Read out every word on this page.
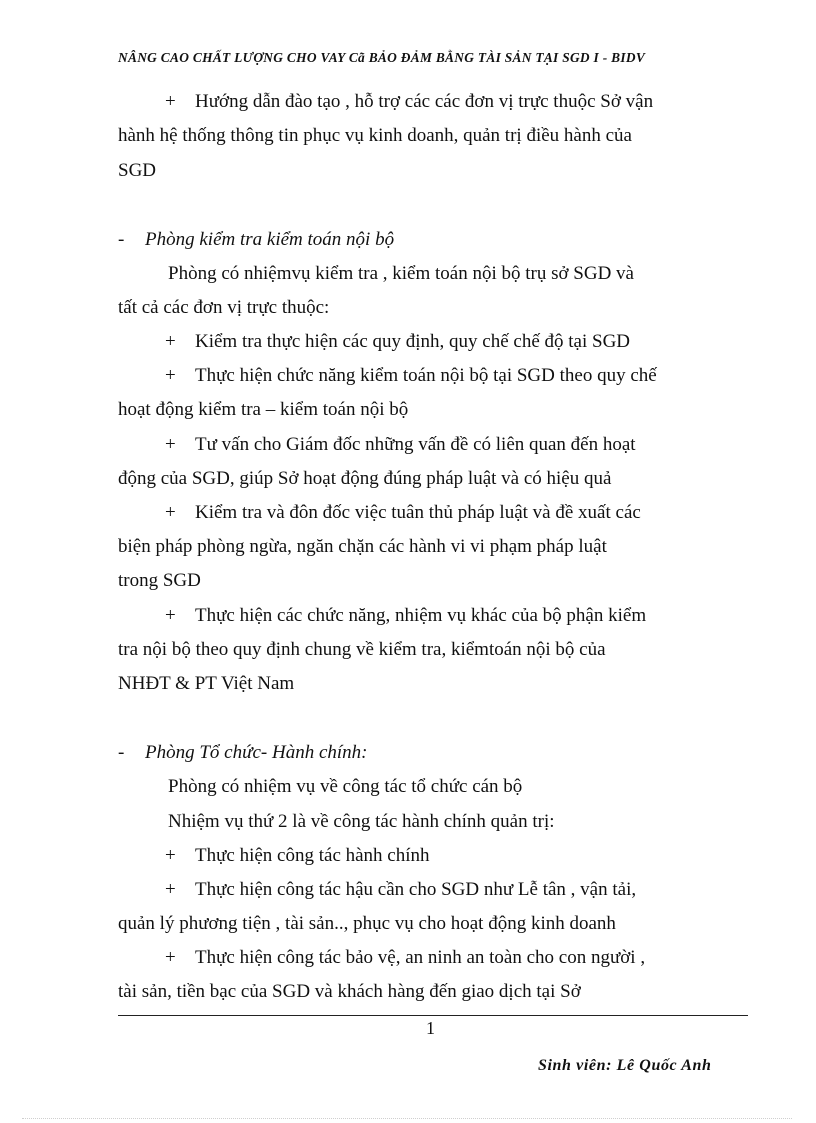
NÂNG CAO CHẤT LƯỢNG CHO VAY Cã BẢO ĐẢM BẰNG TÀI SẢN TẠI SGD I - BIDV
+ Hướng dẫn đào tạo , hỗ trợ các các đơn vị trực thuộc Sở vận
hành hệ thống thông tin phục vụ kinh doanh, quản trị điều hành của
SGD
- Phòng kiểm tra kiểm toán nội bộ
Phòng có nhiệmvụ kiểm tra , kiểm toán nội bộ trụ sở SGD và
tất cả các đơn vị trực thuộc:
+ Kiểm tra thực hiện các quy định, quy chế chế độ tại SGD
+ Thực hiện chức năng kiểm toán nội bộ tại SGD theo quy chế
hoạt động kiểm tra – kiểm toán nội bộ
+ Tư vấn cho Giám đốc những vấn đề có liên quan đến hoạt
động của SGD, giúp Sở hoạt động đúng pháp luật và có hiệu quả
+ Kiểm tra và đôn đốc việc tuân thủ pháp luật và đề xuất các
biện pháp phòng ngừa, ngăn chặn các hành vi vi phạm pháp luật
trong SGD
+ Thực hiện các chức năng, nhiệm vụ khác của bộ phận kiểm
tra nội bộ theo quy định chung về kiểm tra, kiểmtoán nội bộ của
NHĐT & PT Việt Nam
- Phòng Tổ chức- Hành chính:
Phòng có nhiệm vụ về công tác tổ chức cán bộ
Nhiệm vụ thứ 2 là về công tác hành chính quản trị:
+ Thực hiện công tác hành chính
+ Thực hiện công tác hậu cần cho SGD như Lễ tân , vận tải,
quản lý phương tiện , tài sản.., phục vụ cho hoạt động kinh doanh
+ Thực hiện công tác bảo vệ, an ninh an toàn cho con người ,
tài sản, tiền bạc của SGD và khách hàng đến giao dịch tại Sở
1
Sinh viên: Lê Quốc Anh
